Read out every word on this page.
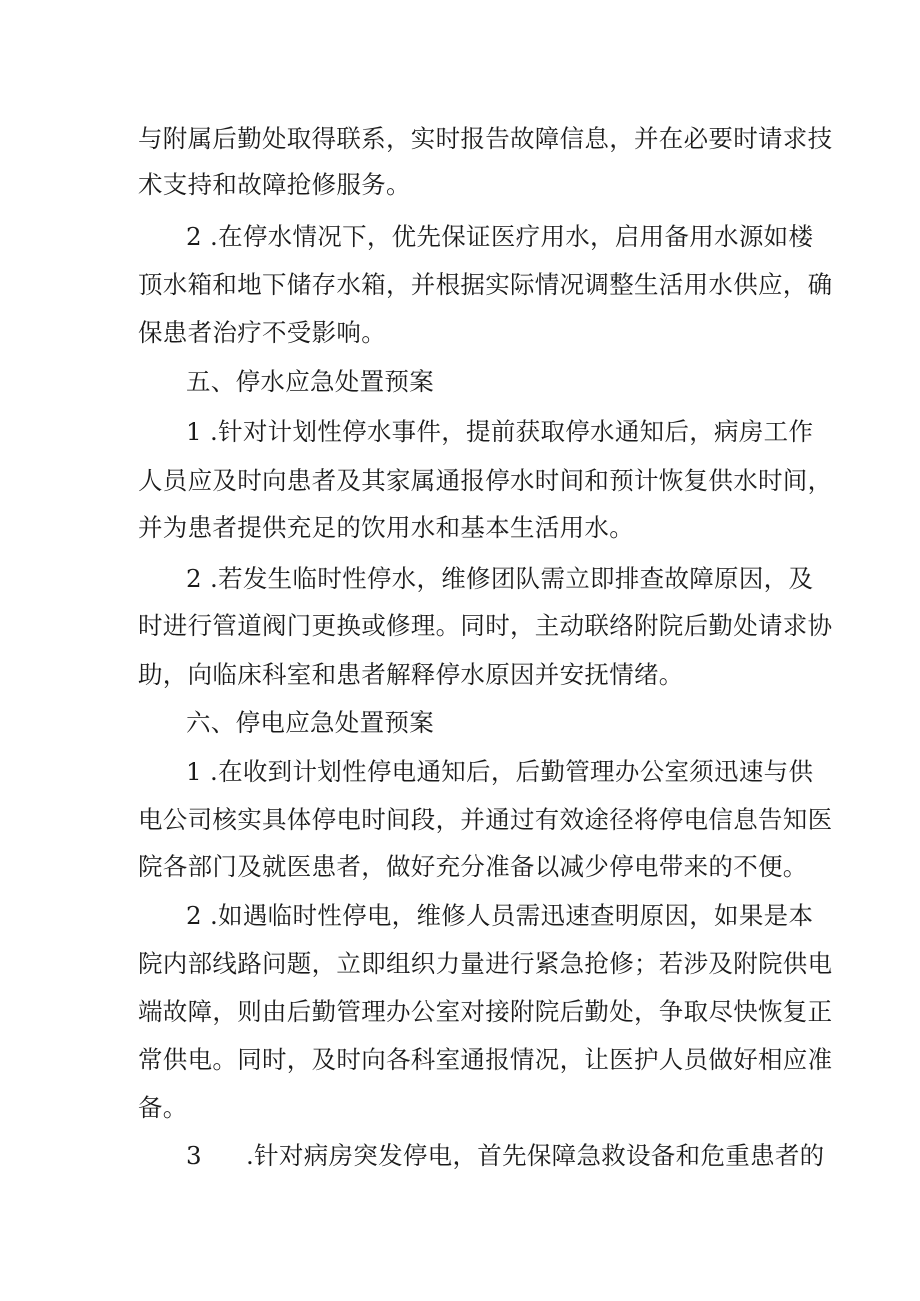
与附属后勤处取得联系，实时报告故障信息，并在必要时请求技
术支持和故障抢修服务。
2 .在停水情况下，优先保证医疗用水，启用备用水源如楼
顶水箱和地下储存水箱，并根据实际情况调整生活用水供应，确
保患者治疗不受影响。
五、停水应急处置预案
1 .针对计划性停水事件，提前获取停水通知后，病房工作
人员应及时向患者及其家属通报停水时间和预计恢复供水时间，
并为患者提供充足的饮用水和基本生活用水。
2 .若发生临时性停水，维修团队需立即排查故障原因，及
时进行管道阀门更换或修理。同时，主动联络附院后勤处请求协
助，向临床科室和患者解释停水原因并安抚情绪。
六、停电应急处置预案
1 .在收到计划性停电通知后，后勤管理办公室须迅速与供
电公司核实具体停电时间段，并通过有效途径将停电信息告知医
院各部门及就医患者，做好充分准备以减少停电带来的不便。
2 .如遇临时性停电，维修人员需迅速查明原因，如果是本
院内部线路问题，立即组织力量进行紧急抢修；若涉及附院供电
端故障，则由后勤管理办公室对接附院后勤处，争取尽快恢复正
常供电。同时，及时向各科室通报情况，让医护人员做好相应准
备。
3 .针对病房突发停电，首先保障急救设备和危重患者的
